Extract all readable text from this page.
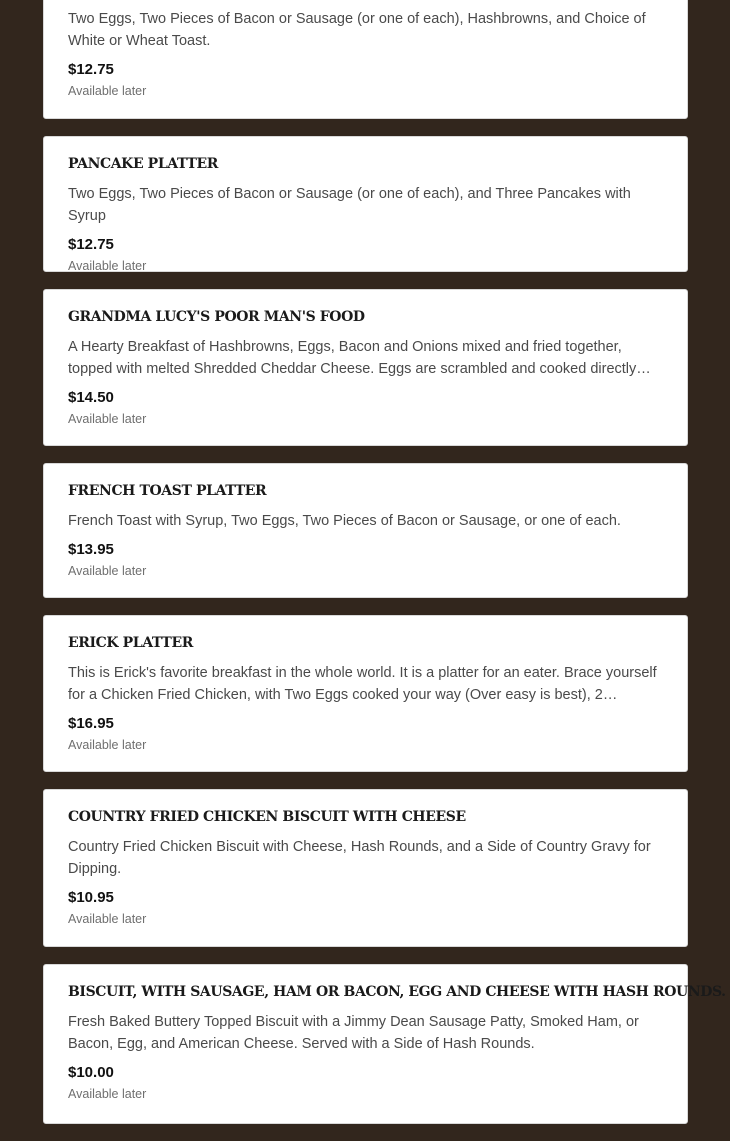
Two Eggs, Two Pieces of Bacon or Sausage (or one of each), Hashbrowns, and Choice of White or Wheat Toast.

$12.75
Available later
PANCAKE PLATTER

Two Eggs, Two Pieces of Bacon or Sausage (or one of each), and Three Pancakes with Syrup

$12.75
Available later
GRANDMA LUCY'S POOR MAN'S FOOD

A Hearty Breakfast of Hashbrowns, Eggs, Bacon and Onions mixed and fried together, topped with melted Shredded Cheddar Cheese. Eggs are scrambled and cooked directly

$14.50
Available later
FRENCH TOAST PLATTER

French Toast with Syrup, Two Eggs, Two Pieces of Bacon or Sausage, or one of each.

$13.95
Available later
ERICK PLATTER

This is Erick's favorite breakfast in the whole world. It is a platter for an eater. Brace yourself for a Chicken Fried Chicken, with Two Eggs cooked your way (Over easy is best), 2

$16.95
Available later
COUNTRY FRIED CHICKEN BISCUIT WITH CHEESE

Country Fried Chicken Biscuit with Cheese, Hash Rounds, and a Side of Country Gravy for Dipping.

$10.95
Available later
BISCUIT, WITH SAUSAGE, HAM OR BACON, EGG AND CHEESE WITH HASH ROUNDS.

Fresh Baked Buttery Topped Biscuit with a Jimmy Dean Sausage Patty, Smoked Ham, or Bacon, Egg, and American Cheese. Served with a Side of Hash Rounds.

$10.00
Available later
